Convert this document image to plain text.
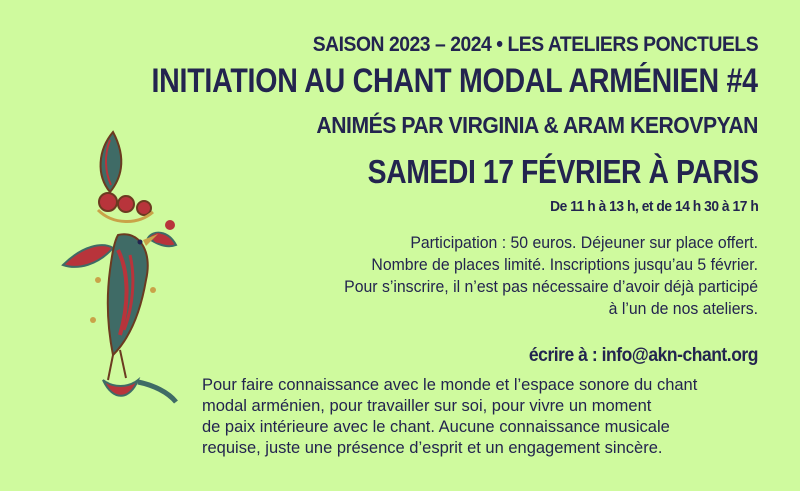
SAISON 2023 – 2024 • LES ATELIERS PONCTUELS
INITIATION AU CHANT MODAL ARMÉNIEN #4
ANIMÉS PAR VIRGINIA & ARAM KEROVPYAN
SAMEDI 17 FÉVRIER À PARIS
De 11 h à 13 h, et de 14 h 30 à 17 h
Participation : 50 euros. Déjeuner sur place offert.
Nombre de places limité. Inscriptions jusqu’au 5 février.
Pour s’inscrire, il n’est pas nécessaire d’avoir déjà participé
à l’un de nos ateliers.
écrire à : info@akn-chant.org
Pour faire connaissance avec le monde et l’espace sonore du chant
modal arménien, pour travailler sur soi, pour vivre un moment
de paix intérieure avec le chant. Aucune connaissance musicale
requise, juste une présence d’esprit et un engagement sincère.
